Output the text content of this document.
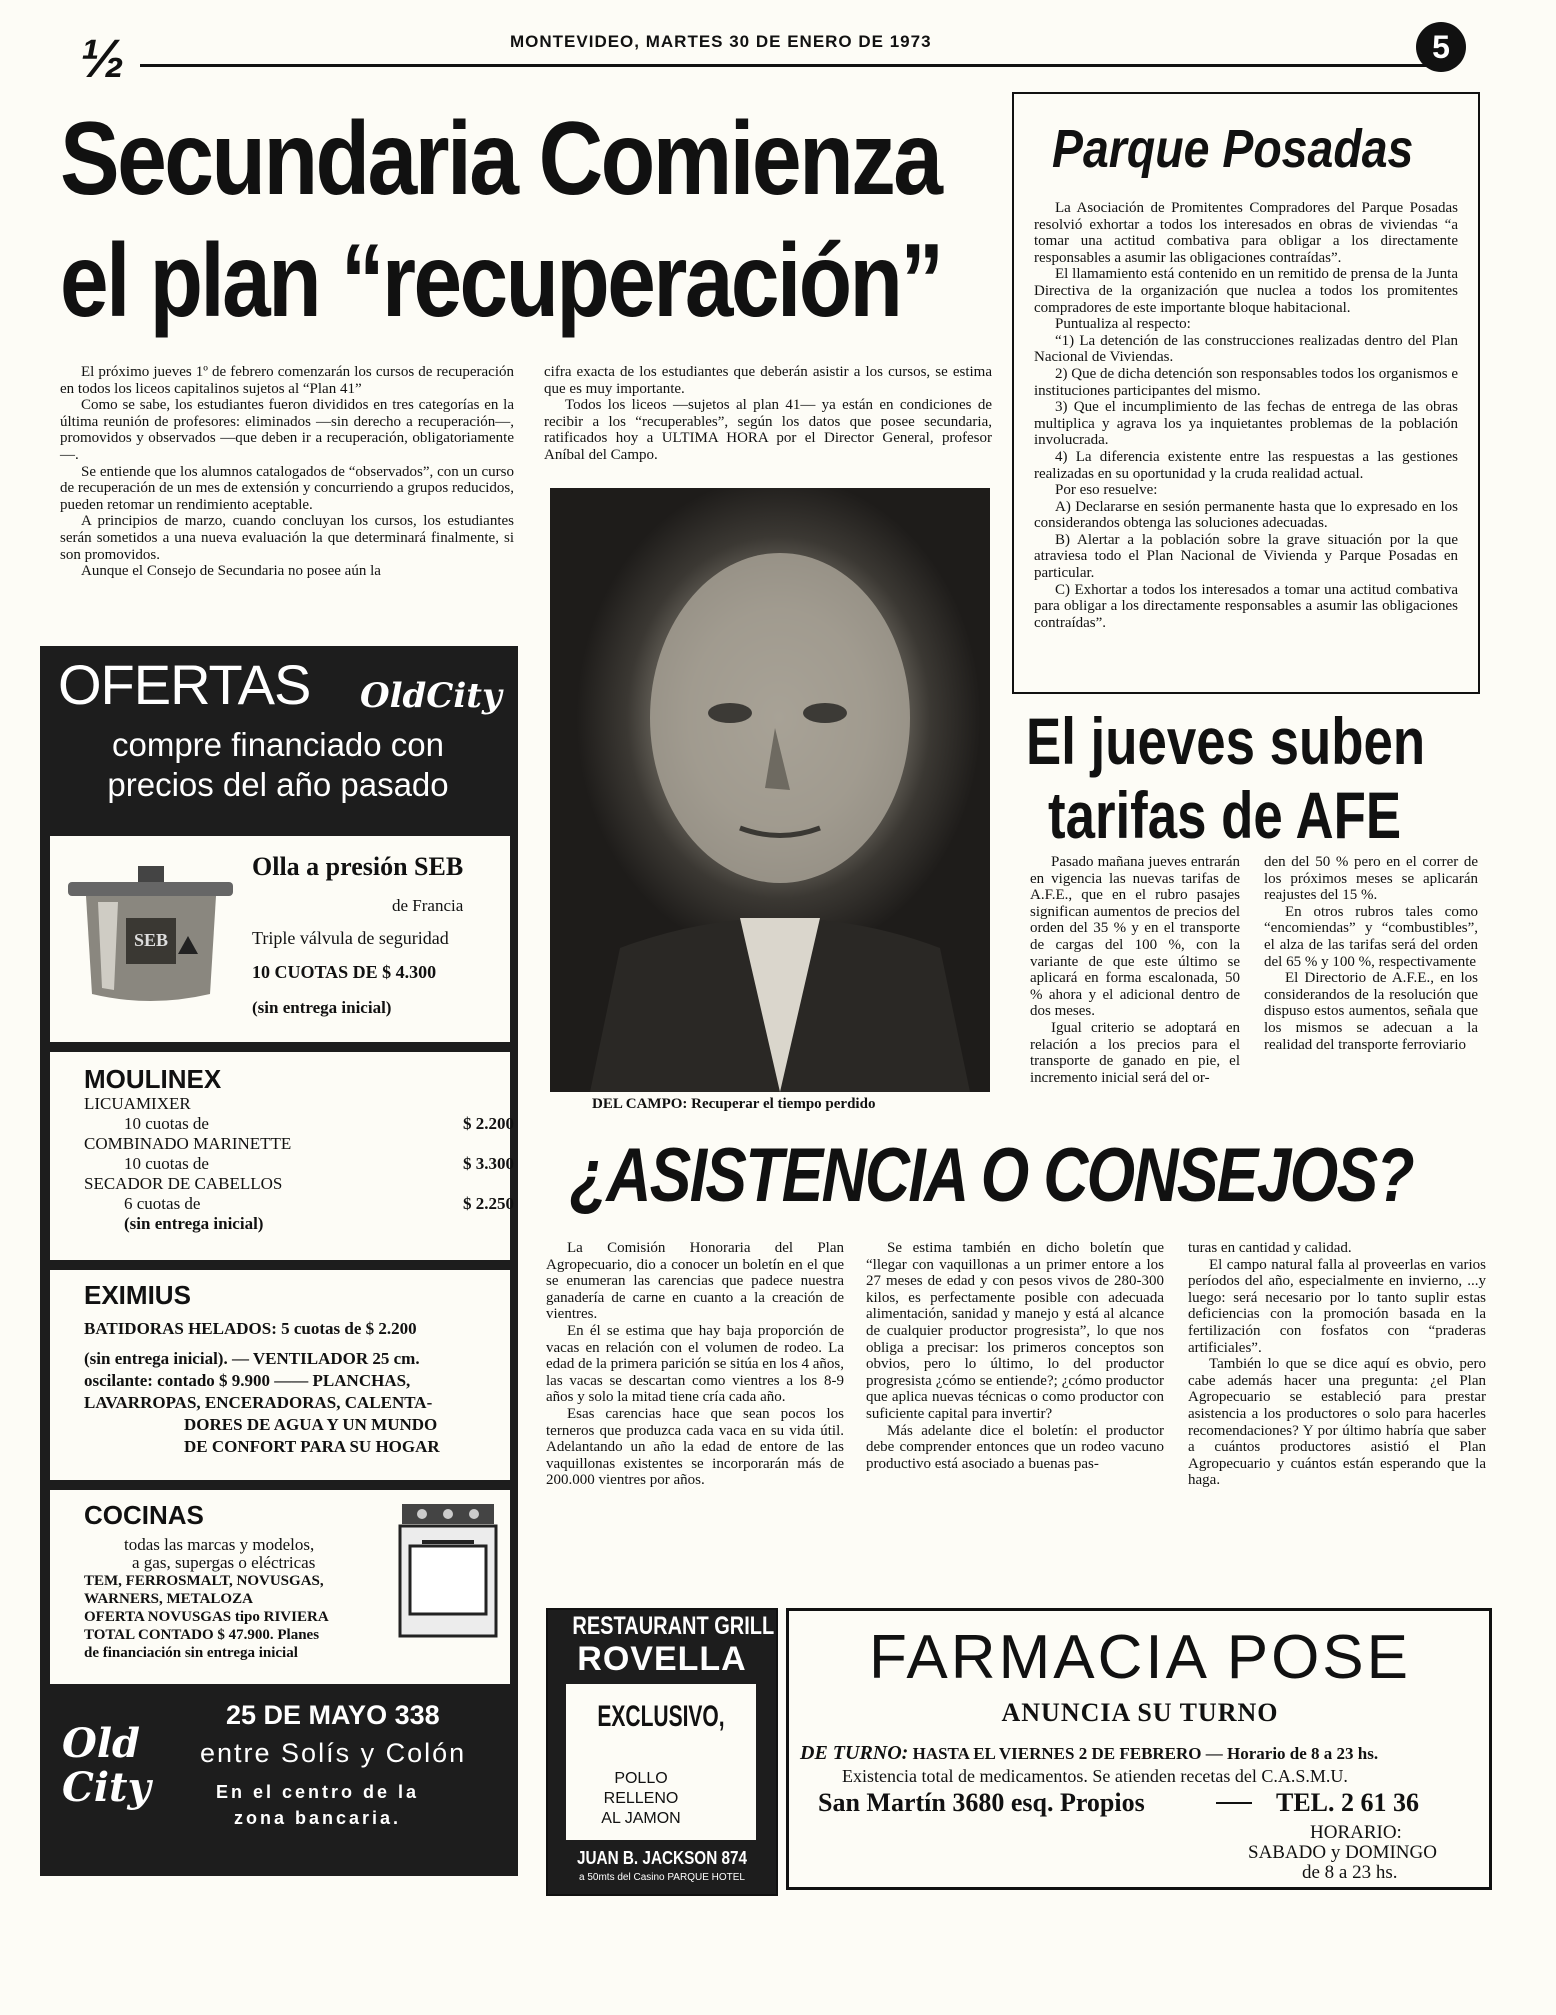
½	MONTEVIDEO, MARTES 30 DE ENERO DE 1973	5
Secundaria Comienza
el plan “recuperación”

El próximo jueves 1º de febrero comenzarán los cursos de recuperación en todos los liceos capitalinos sujetos al “Plan 41”

Como se sabe, los estudiantes fueron divididos en tres categorías en la última reunión de profesores: eliminados —sin derecho a recuperación—, promovidos y observados —que deben ir a recuperación, obligatoriamente—.

Se entiende que los alumnos catalogados de “observados”, con un curso de recuperación de un mes de extensión y concurriendo a grupos reducidos, pueden retomar un rendimiento aceptable.

A principios de marzo, cuando concluyan los cursos, los estudiantes serán sometidos a una nueva evaluación la que determinará finalmente, si son promovidos.

Aunque el Consejo de Secundaria no posee aún la

cifra exacta de los estudiantes que deberán asistir a los cursos, se estima que es muy importante.

Todos los liceos —sujetos al plan 41— ya están en condiciones de recibir a los “recuperables”, según los datos que posee secundaria, ratificados hoy a ULTIMA HORA por el Director General, profesor Aníbal del Campo.

DEL CAMPO: Recuperar el tiempo perdido
Parque Posadas

La Asociación de Promitentes Compradores del Parque Posadas resolvió exhortar a todos los interesados en obras de viviendas “a tomar una actitud combativa para obligar a los directamente responsables a asumir las obligaciones contraídas”.

El llamamiento está contenido en un remitido de prensa de la Junta Directiva de la organización que nuclea a todos los promitentes compradores de este importante bloque habitacional.

Puntualiza al respecto:

“1) La detención de las construcciones realizadas dentro del Plan Nacional de Viviendas.

2) Que de dicha detención son responsables todos los organismos e instituciones participantes del mismo.

3) Que el incumplimiento de las fechas de entrega de las obras multiplica y agrava los ya inquietantes problemas de la población involucrada.

4) La diferencia existente entre las respuestas a las gestiones realizadas en su oportunidad y la cruda realidad actual.

Por eso resuelve:

A) Declararse en sesión permanente hasta que lo expresado en los considerandos obtenga las soluciones adecuadas.

B) Alertar a la población sobre la grave situación por la que atraviesa todo el Plan Nacional de Vivienda y Parque Posadas en particular.

C) Exhortar a todos los interesados a tomar una actitud combativa para obligar a los directamente responsables a asumir las obligaciones contraídas”.

El jueves suben
tarifas de AFE

Pasado mañana jueves entrarán en vigencia las nuevas tarifas de A.F.E., que en el rubro pasajes significan aumentos de precios del orden del 35 % y en el transporte de cargas del 100 %, con la variante de que este último se aplicará en forma escalonada, 50 % ahora y el adicional dentro de dos meses.

Igual criterio se adoptará en relación a los precios para el transporte de ganado en pie, el incremento inicial será del or-

den del 50 % pero en el correr de los próximos meses se aplicarán reajustes del 15 %.

En otros rubros tales como “encomiendas” y “combustibles”, el alza de las tarifas será del orden del 65 % y 100 %, respectivamente

El Directorio de A.F.E., en los considerandos de la resolución que dispuso estos aumentos, señala que los mismos se adecuan a la realidad del transporte ferroviario

¿ASISTENCIA O CONSEJOS?

La Comisión Honoraria del Plan Agropecuario, dio a conocer un boletín en el que se enumeran las carencias que padece nuestra ganadería de carne en cuanto a la creación de vientres.

En él se estima que hay baja proporción de vacas en relación con el volumen de rodeo. La edad de la primera parición se sitúa en los 4 años, las vacas se descartan como vientres a los 8-9 años y solo la mitad tiene cría cada año.

Esas carencias hace que sean pocos los terneros que produzca cada vaca en su vida útil. Adelantando un año la edad de entore de las vaquillonas existentes se incorporarán más de 200.000 vientres por años.

Se estima también en dicho boletín que “llegar con vaquillonas a un primer entore a los 27 meses de edad y con pesos vivos de 280-300 kilos, es perfectamente posible con adecuada alimentación, sanidad y manejo y está al alcance de cualquier productor progresista”, lo que nos obliga a precisar: los primeros conceptos son obvios, pero lo último, lo del productor progresista ¿cómo se entiende?; ¿cómo productor que aplica nuevas técnicas o como productor con suficiente capital para invertir?

Más adelante dice el boletín: el productor debe comprender entonces que un rodeo vacuno productivo está asociado a buenas pas-

turas en cantidad y calidad.

El campo natural falla al proveerlas en varios períodos del año, especialmente en invierno, ...y luego: será necesario por lo tanto suplir estas deficiencias con la promoción basada en la fertilización con fosfatos con “praderas artificiales”.

También lo que se dice aquí es obvio, pero cabe además hacer una pregunta: ¿el Plan Agropecuario se estableció para prestar asistencia a los productores o solo para hacerles recomendaciones? Y por último habría que saber a cuántos productores asistió el Plan Agropecuario y cuántos están esperando que la haga.

OFERTAS OldCity
compre financiado con
precios del año pasado
SEB
Olla a presión SEB
de Francia
Triple válvula de seguridad
10 CUOTAS DE $ 4.300
(sin entrega inicial)
MOULINEX
LICUAMIXER
10 cuotas de	$ 2.200
COMBINADO MARINETTE
10 cuotas de	$ 3.300
SECADOR DE CABELLOS
6 cuotas de	$ 2.250
(sin entrega inicial)
EXIMIUS
BATIDORAS HELADOS: 5 cuotas de $ 2.200
(sin entrega inicial). — VENTILADOR 25 cm.
oscilante: contado $ 9.900 —— PLANCHAS,
LAVARROPAS, ENCERADORAS, CALENTA-
DORES DE AGUA Y UN MUNDO
DE CONFORT PARA SU HOGAR
COCINAS
todas las marcas y modelos,
a gas, supergas o eléctricas
TEM, FERROSMALT, NOVUSGAS,
WARNERS, METALOZA
OFERTA NOVUSGAS tipo RIVIERA
TOTAL CONTADO $ 47.900. Planes
de financiación sin entrega inicial
Old City
25 DE MAYO 338
entre Solís y Colón
En el centro de la
zona bancaria.
RESTAURANT GRILL
ROVELLA
EXCLUSIVO,
POLLO
RELLENO
AL JAMON
JUAN B. JACKSON 874
a 50mts del Casino PARQUE HOTEL
FARMACIA POSE
ANUNCIA SU TURNO
DE TURNO: HASTA EL VIERNES 2 DE FEBRERO — Horario de 8 a 23 hs.
Existencia total de medicamentos. Se atienden recetas del C.A.S.M.U.
San Martín 3680 esq. Propios	TEL. 2 61 36
HORARIO:
SABADO y DOMINGO
de 8 a 23 hs.
